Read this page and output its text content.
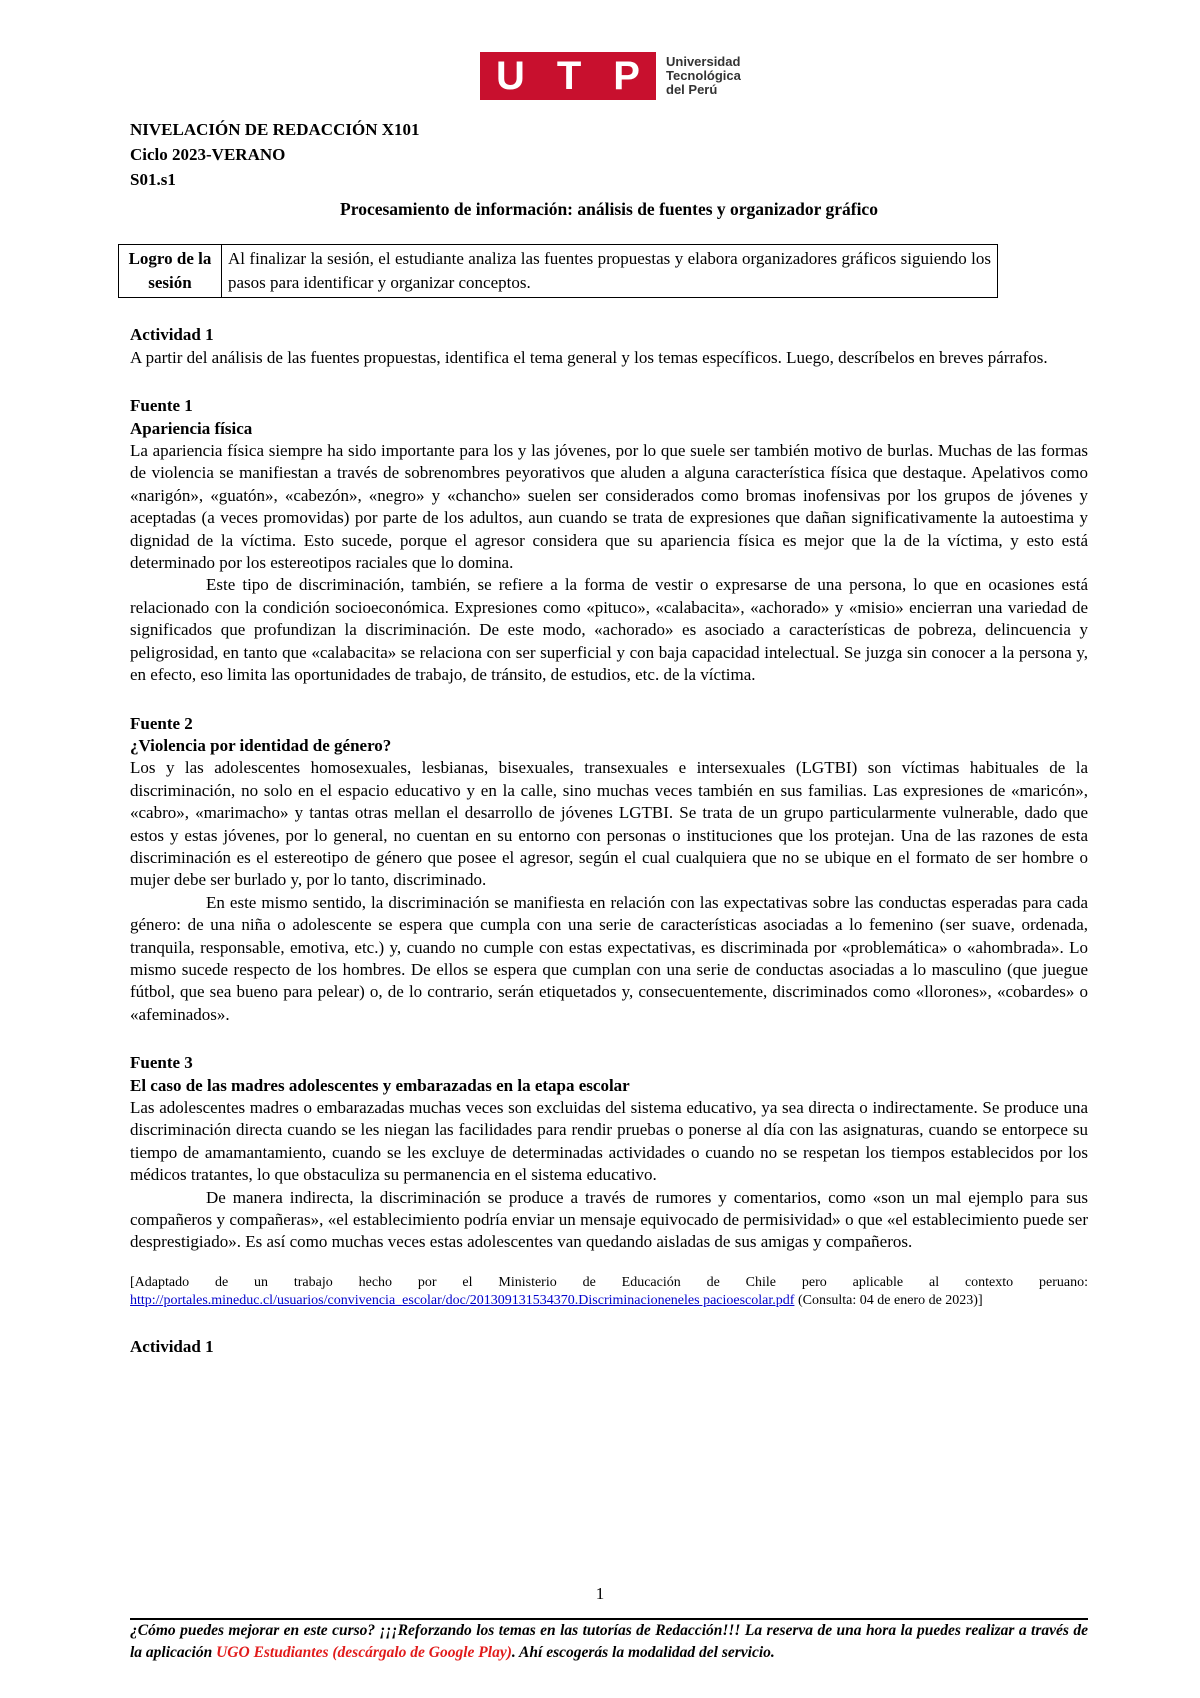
U T P Universidad
Tecnológica
del Perú
NIVELACIÓN DE REDACCIÓN X101
Ciclo 2023-VERANO
S01.s1
Procesamiento de información: análisis de fuentes y organizador gráfico
Logro de la sesión	Al finalizar la sesión, el estudiante analiza las fuentes propuestas y elabora organizadores gráficos siguiendo los pasos para identificar y organizar conceptos.
Actividad 1

A partir del análisis de las fuentes propuestas, identifica el tema general y los temas específicos. Luego, descríbelos en breves párrafos.

Fuente 1
Apariencia física

La apariencia física siempre ha sido importante para los y las jóvenes, por lo que suele ser también motivo de burlas. Muchas de las formas de violencia se manifiestan a través de sobrenombres peyorativos que aluden a alguna característica física que destaque. Apelativos como «narigón», «guatón», «cabezón», «negro» y «chancho» suelen ser considerados como bromas inofensivas por los grupos de jóvenes y aceptadas (a veces promovidas) por parte de los adultos, aun cuando se trata de expresiones que dañan significativamente la autoestima y dignidad de la víctima. Esto sucede, porque el agresor considera que su apariencia física es mejor que la de la víctima, y esto está determinado por los estereotipos raciales que lo domina.

Este tipo de discriminación, también, se refiere a la forma de vestir o expresarse de una persona, lo que en ocasiones está relacionado con la condición socioeconómica. Expresiones como «pituco», «calabacita», «achorado» y «misio» encierran una variedad de significados que profundizan la discriminación. De este modo, «achorado» es asociado a características de pobreza, delincuencia y peligrosidad, en tanto que «calabacita» se relaciona con ser superficial y con baja capacidad intelectual. Se juzga sin conocer a la persona y, en efecto, eso limita las oportunidades de trabajo, de tránsito, de estudios, etc. de la víctima.

Fuente 2
¿Violencia por identidad de género?

Los y las adolescentes homosexuales, lesbianas, bisexuales, transexuales e intersexuales (LGTBI) son víctimas habituales de la discriminación, no solo en el espacio educativo y en la calle, sino muchas veces también en sus familias. Las expresiones de «maricón», «cabro», «marimacho» y tantas otras mellan el desarrollo de jóvenes LGTBI. Se trata de un grupo particularmente vulnerable, dado que estos y estas jóvenes, por lo general, no cuentan en su entorno con personas o instituciones que los protejan. Una de las razones de esta discriminación es el estereotipo de género que posee el agresor, según el cual cualquiera que no se ubique en el formato de ser hombre o mujer debe ser burlado y, por lo tanto, discriminado.

En este mismo sentido, la discriminación se manifiesta en relación con las expectativas sobre las conductas esperadas para cada género: de una niña o adolescente se espera que cumpla con una serie de características asociadas a lo femenino (ser suave, ordenada, tranquila, responsable, emotiva, etc.) y, cuando no cumple con estas expectativas, es discriminada por «problemática» o «ahombrada». Lo mismo sucede respecto de los hombres. De ellos se espera que cumplan con una serie de conductas asociadas a lo masculino (que juegue fútbol, que sea bueno para pelear) o, de lo contrario, serán etiquetados y, consecuentemente, discriminados como «llorones», «cobardes» o «afeminados».

Fuente 3
El caso de las madres adolescentes y embarazadas en la etapa escolar

Las adolescentes madres o embarazadas muchas veces son excluidas del sistema educativo, ya sea directa o indirectamente. Se produce una discriminación directa cuando se les niegan las facilidades para rendir pruebas o ponerse al día con las asignaturas, cuando se entorpece su tiempo de amamantamiento, cuando se les excluye de determinadas actividades o cuando no se respetan los tiempos establecidos por los médicos tratantes, lo que obstaculiza su permanencia en el sistema educativo.

De manera indirecta, la discriminación se produce a través de rumores y comentarios, como «son un mal ejemplo para sus compañeros y compañeras», «el establecimiento podría enviar un mensaje equivocado de permisividad» o que «el establecimiento puede ser desprestigiado». Es así como muchas veces estas adolescentes van quedando aisladas de sus amigas y compañeros.

[Adaptado de un trabajo hecho por el Ministerio de Educación de Chile pero aplicable al contexto peruano: http://portales.mineduc.cl/usuarios/convivencia_escolar/doc/201309131534370.Discriminacioneneles pacioescolar.pdf (Consulta: 04 de enero de 2023)]
Actividad 1
1
¿Cómo puedes mejorar en este curso? ¡¡¡Reforzando los temas en las tutorías de Redacción!!! La reserva de una hora la puedes realizar a través de la aplicación UGO Estudiantes (descárgalo de Google Play). Ahí escogerás la modalidad del servicio.
